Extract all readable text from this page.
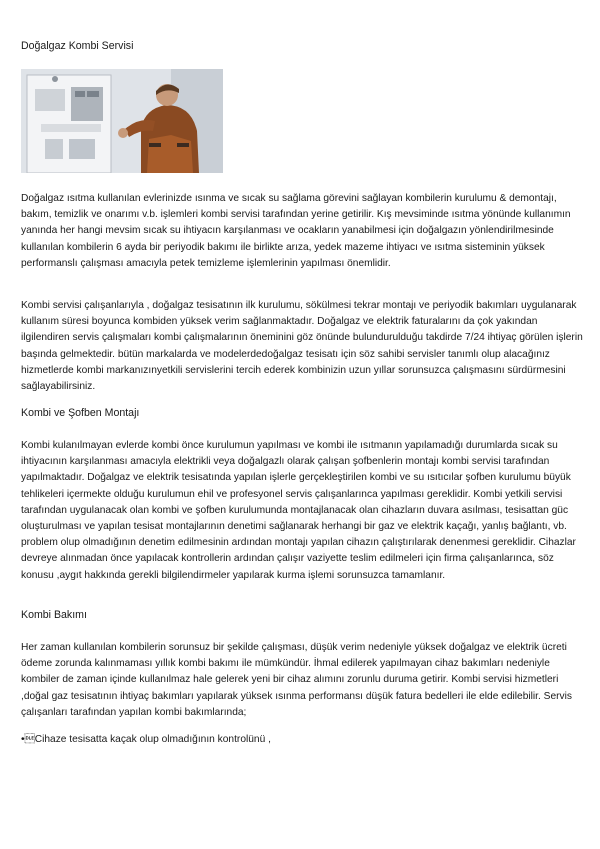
Doğalgaz Kombi Servisi

Doğalgaz ısıtma kullanılan evlerinizde ısınma ve sıcak su sağlama görevini sağlayan kombilerin kurulumu & demontajı, bakım, temizlik ve onarımı v.b. işlemleri kombi servisi tarafından yerine getirilir. Kış mevsiminde ısıtma yönünde kullanımın yanında her hangi mevsim sıcak su ihtiyacın karşılanması ve ocakların yanabilmesi için doğalgazın yönlendirilmesinde kullanılan kombilerin 6 ayda bir periyodik bakımı ile birlikte arıza, yedek mazeme ihtiyacı ve ısıtma sisteminin yüksek performanslı çalışması amacıyla petek temizleme işlemlerinin yapılması önemlidir.

Kombi servisi çalışanlarıyla , doğalgaz tesisatının ilk kurulumu, sökülmesi tekrar montajı ve periyodik bakımları uygulanarak kullanım süresi boyunca kombiden yüksek verim sağlanmaktadır. Doğalgaz ve elektrik faturalarını da çok yakından ilgilendiren servis çalışmaları kombi çalışmalarının öneminini göz önünde bulundurulduğu takdirde 7/24 ihtiyaç görülen işlerin başında gelmektedir. bütün markalarda ve modelerdedoğalgaz tesisatı için söz sahibi servisler tanımlı olup alacağınız hizmetlerde kombi markanızınyetkili servislerini tercih ederek kombinizin uzun yıllar sorunsuzca çalışmasını sürdürmesini sağlayabilirsiniz.

Kombi ve Şofben Montajı

Kombi kulanılmayan evlerde kombi önce kurulumun yapılması ve kombi ile ısıtmanın yapılamadığı durumlarda sıcak su ihtiyacının karşılanması amacıyla elektrikli veya doğalgazlı olarak çalışan şofbenlerin montajı kombi servisi tarafından yapılmaktadır. Doğalgaz ve elektrik tesisatında yapılan işlerle gerçekleştirilen kombi ve su ısıtıcılar şofben kurulumu büyük tehlikeleri içermekte olduğu kurulumun ehil ve profesyonel servis çalışanlarınca yapılması gereklidir. Kombi yetkili servisi tarafından uygulanacak olan kombi ve şofben kurulumunda montajlanacak olan cihazların duvara asılması, tesisattan güc oluşturulması ve yapılan tesisat montajlarının denetimi sağlanarak herhangi bir gaz ve elektrik kaçağı, yanlış bağlantı, vb. problem olup olmadığının denetim edilmesinin ardından montajı yapılan cihazın çalıştırılarak denenmesi gereklidir. Cihazlar devreye alınmadan önce yapılacak kontrollerin ardından çalışır vaziyette teslim edilmeleri için firma çalışanlarınca, söz konusu ,aygıt hakkında gerekli bilgilendirmeler yapılarak kurma işlemi sorunsuzca tamamlanır.

Kombi Bakımı

Her zaman kullanılan kombilerin sorunsuz bir şekilde çalışması, düşük verim nedeniyle yüksek doğalgaz ve elektrik ücreti ödeme zorunda kalınmaması yıllık kombi bakımı ile mümkündür. İhmal edilerek yapılmayan cihaz bakımları nedeniyle kombiler de zaman içinde kullanılmaz hale gelerek yeni bir cihaz alımını zorunlu duruma getirir. Kombi servisi hizmetleri ,doğal gaz tesisatının ihtiyaç bakımları yapılarak yüksek ısınma performansı düşük fatura bedelleri ile elde edilebilir. Servis çalışanları tarafından yapılan kombi bakımlarında;

•Cihaze tesisatta kaçak olup olmadığının kontrolünü ,
